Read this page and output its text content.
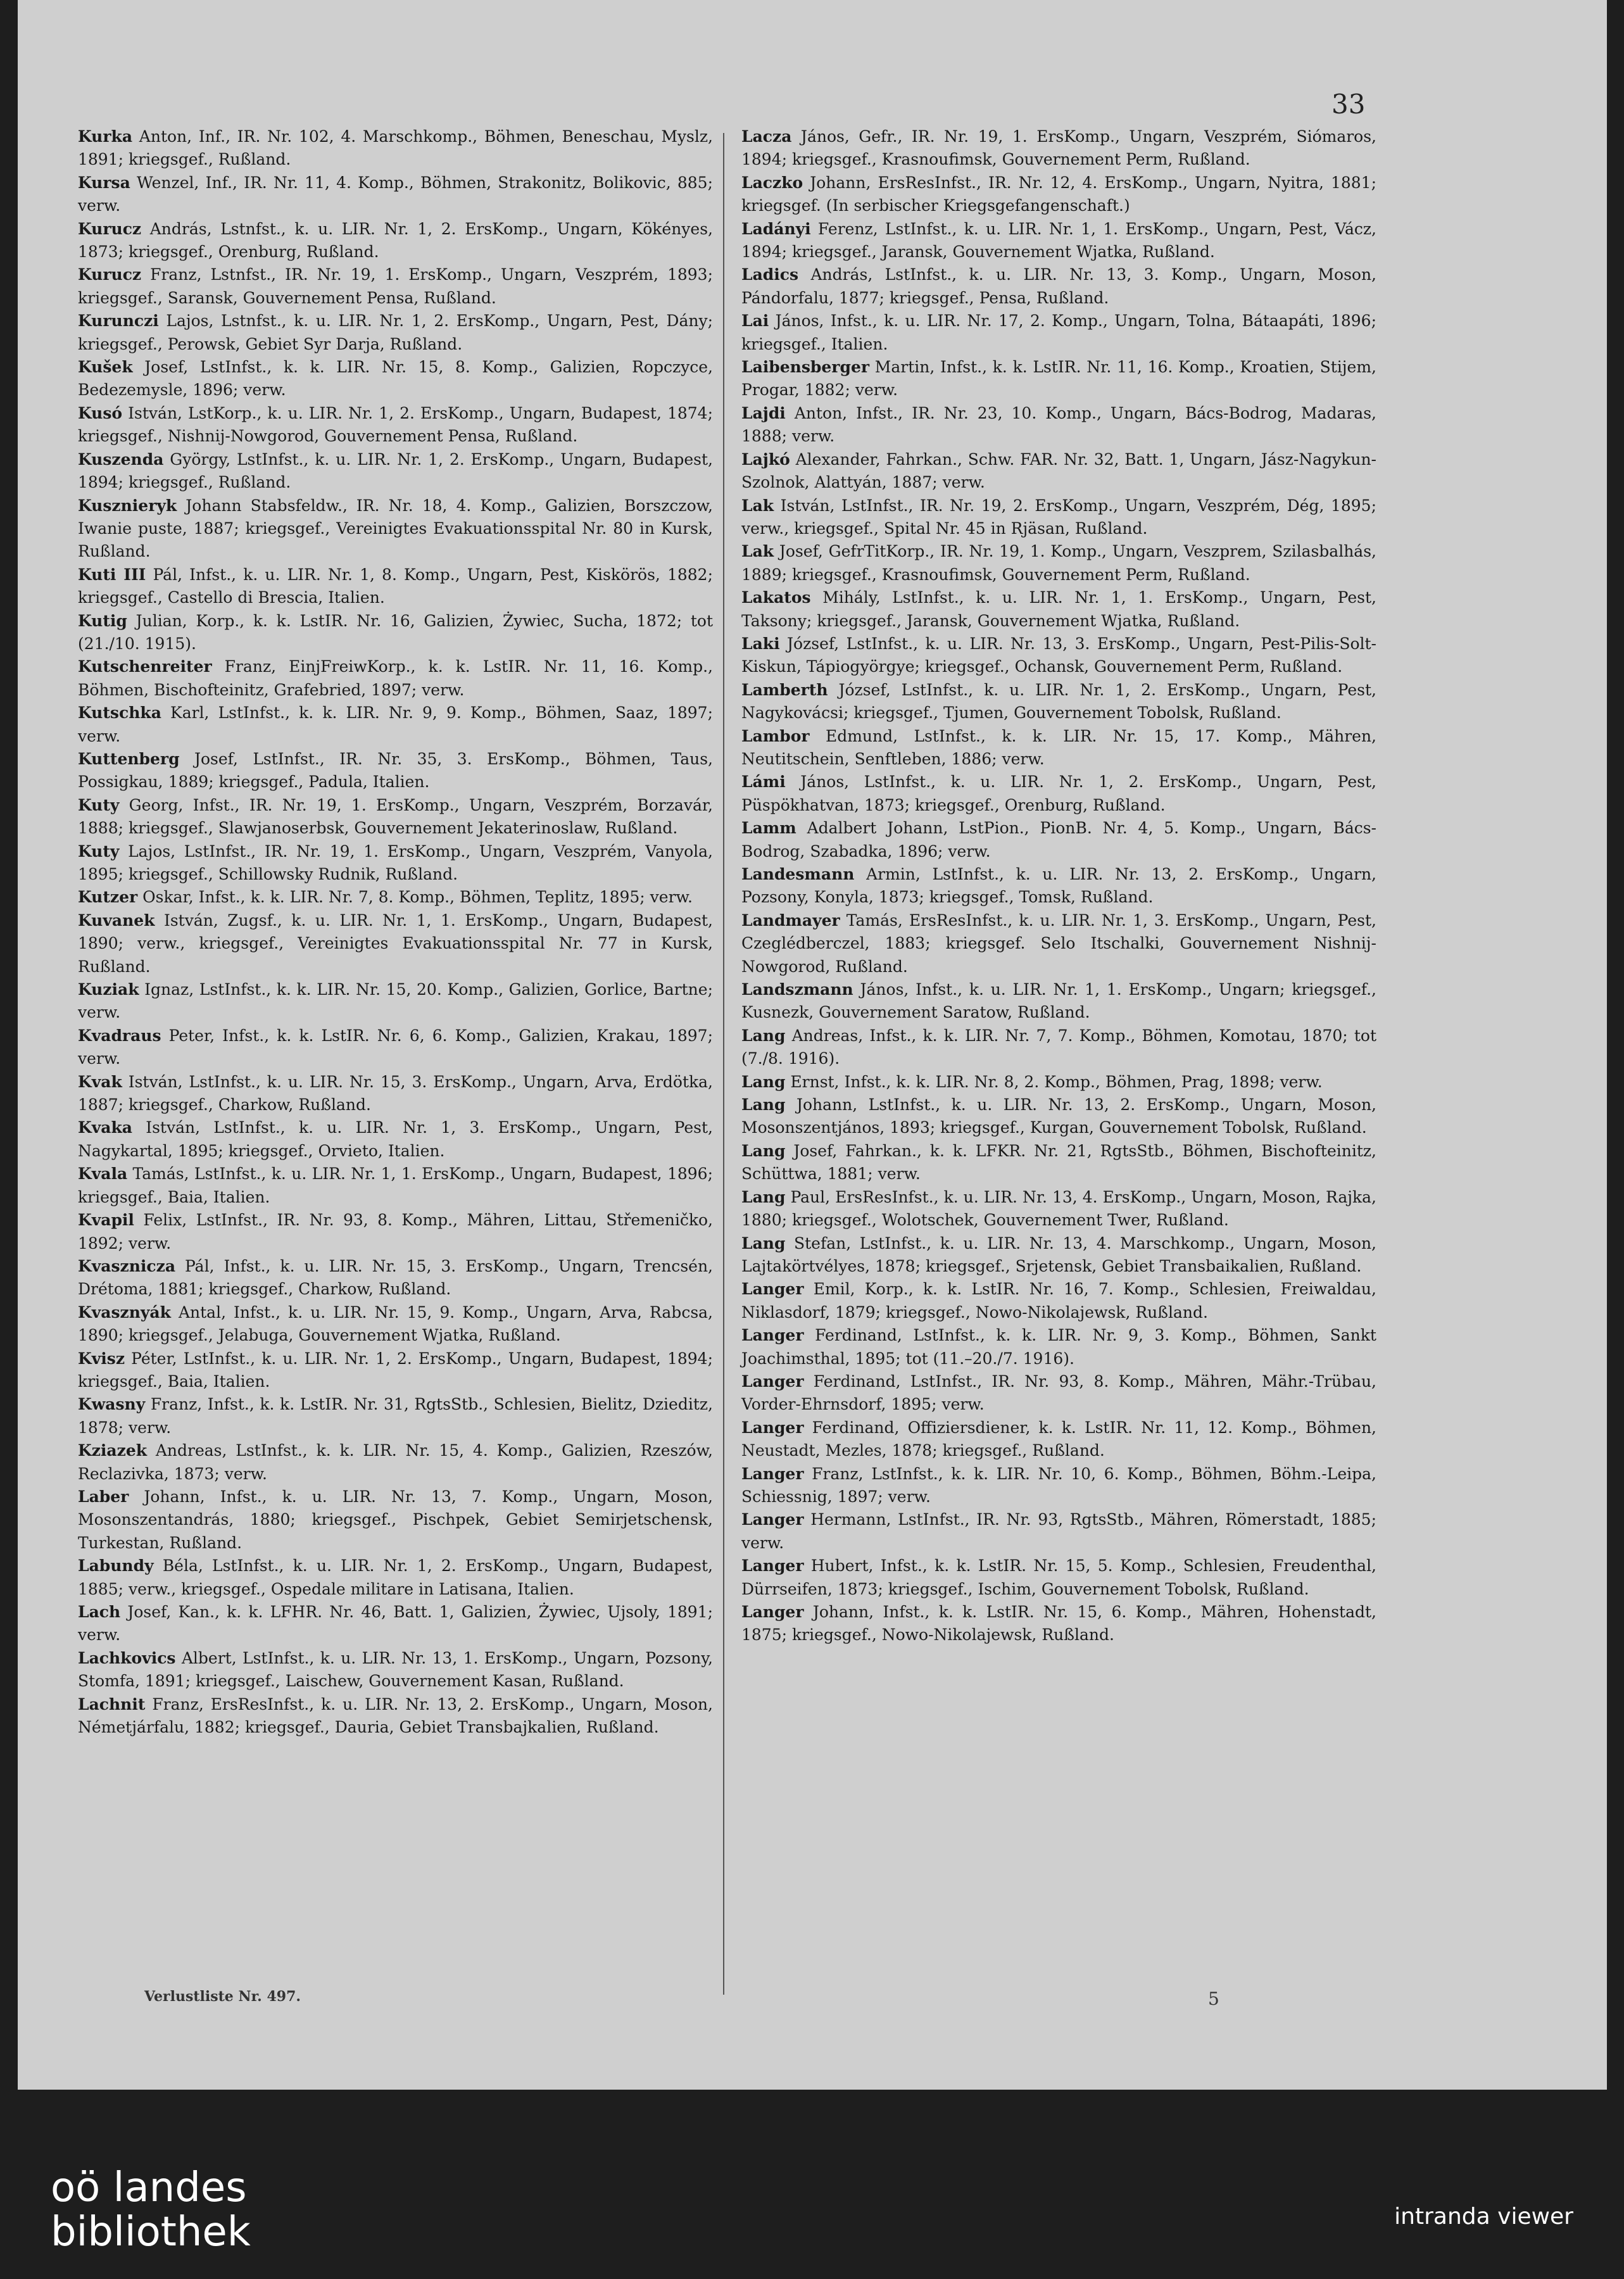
33
Kurka Anton, Inf., IR. Nr. 102, 4. Marschkomp., Böhmen, Beneschau, Myslz, 1891; kriegsgef., Rußland.
Kursa Wenzel, Inf., IR. Nr. 11, 4. Komp., Böhmen, Strakonitz, Bolikovic, 885; verw.
Kurucz András, Lstnfst., k. u. LIR. Nr. 1, 2. ErsKomp., Ungarn, Kökényes, 1873; kriegsgef., Orenburg, Rußland.
Kurucz Franz, Lstnfst., IR. Nr. 19, 1. ErsKomp., Ungarn, Veszprém, 1893; kriegsgef., Saransk, Gouvernement Pensa, Rußland.
Kurunczi Lajos, Lstnfst., k. u. LIR. Nr. 1, 2. ErsKomp., Ungarn, Pest, Dány; kriegsgef., Perowsk, Gebiet Syr Darja, Rußland.
Kušek Josef, LstInfst., k. k. LIR. Nr. 15, 8. Komp., Galizien, Ropczyce, Bedezemysle, 1896; verw.
Kusó István, LstKorp., k. u. LIR. Nr. 1, 2. ErsKomp., Ungarn, Budapest, 1874; kriegsgef., Nishnij-Nowgorod, Gouvernement Pensa, Rußland.
Kuszenda György, LstInfst., k. u. LIR. Nr. 1, 2. ErsKomp., Ungarn, Budapest, 1894; kriegsgef., Rußland.
Kusznieryk Johann Stabsfeldw., IR. Nr. 18, 4. Komp., Galizien, Borszczow, Iwanie puste, 1887; kriegsgef., Vereinigtes Evakuationsspital Nr. 80 in Kursk, Rußland.
Kuti III Pál, Infst., k. u. LIR. Nr. 1, 8. Komp., Ungarn, Pest, Kiskörös, 1882; kriegsgef., Castello di Brescia, Italien.
Kutig Julian, Korp., k. k. LstIR. Nr. 16, Galizien, Żywiec, Sucha, 1872; tot (21./10. 1915).
Kutschenreiter Franz, EinjFreiwKorp., k. k. LstIR. Nr. 11, 16. Komp., Böhmen, Bischofteinitz, Grafebried, 1897; verw.
Kutschka Karl, LstInfst., k. k. LIR. Nr. 9, 9. Komp., Böhmen, Saaz, 1897; verw.
Kuttenberg Josef, LstInfst., IR. Nr. 35, 3. ErsKomp., Böhmen, Taus, Possigkau, 1889; kriegsgef., Padula, Italien.
Kuty Georg, Infst., IR. Nr. 19, 1. ErsKomp., Ungarn, Veszprém, Borzavár, 1888; kriegsgef., Slawjanoserbsk, Gouvernement Jekaterinoslaw, Rußland.
Kuty Lajos, LstInfst., IR. Nr. 19, 1. ErsKomp., Ungarn, Veszprém, Vanyola, 1895; kriegsgef., Schillowsky Rudnik, Rußland.
Kutzer Oskar, Infst., k. k. LIR. Nr. 7, 8. Komp., Böhmen, Teplitz, 1895; verw.
Kuvanek István, Zugsf., k. u. LIR. Nr. 1, 1. ErsKomp., Ungarn, Budapest, 1890; verw., kriegsgef., Vereinigtes Evakuationsspital Nr. 77 in Kursk, Rußland.
Kuziak Ignaz, LstInfst., k. k. LIR. Nr. 15, 20. Komp., Galizien, Gorlice, Bartne; verw.
Kvadraus Peter, Infst., k. k. LstIR. Nr. 6, 6. Komp., Galizien, Krakau, 1897; verw.
Kvak István, LstInfst., k. u. LIR. Nr. 15, 3. ErsKomp., Ungarn, Arva, Erdötka, 1887; kriegsgef., Charkow, Rußland.
Kvaka István, LstInfst., k. u. LIR. Nr. 1, 3. ErsKomp., Ungarn, Pest, Nagykartal, 1895; kriegsgef., Orvieto, Italien.
Kvala Tamás, LstInfst., k. u. LIR. Nr. 1, 1. ErsKomp., Ungarn, Budapest, 1896; kriegsgef., Baia, Italien.
Kvapil Felix, LstInfst., IR. Nr. 93, 8. Komp., Mähren, Littau, Střemeničko, 1892; verw.
Kvasznicza Pál, Infst., k. u. LIR. Nr. 15, 3. ErsKomp., Ungarn, Trencsén, Drétoma, 1881; kriegsgef., Charkow, Rußland.
Kvasznyák Antal, Infst., k. u. LIR. Nr. 15, 9. Komp., Ungarn, Arva, Rabcsa, 1890; kriegsgef., Jelabuga, Gouvernement Wjatka, Rußland.
Kvisz Péter, LstInfst., k. u. LIR. Nr. 1, 2. ErsKomp., Ungarn, Budapest, 1894; kriegsgef., Baia, Italien.
Kwasny Franz, Infst., k. k. LstIR. Nr. 31, RgtsStb., Schlesien, Bielitz, Dzieditz, 1878; verw.
Kziazek Andreas, LstInfst., k. k. LIR. Nr. 15, 4. Komp., Galizien, Rzeszów, Reclazivka, 1873; verw.
Laber Johann, Infst., k. u. LIR. Nr. 13, 7. Komp., Ungarn, Moson, Mosonszentandrás, 1880; kriegsgef., Pischpek, Gebiet Semirjetschensk, Turkestan, Rußland.
Labundy Béla, LstInfst., k. u. LIR. Nr. 1, 2. ErsKomp., Ungarn, Budapest, 1885; verw., kriegsgef., Ospedale militare in Latisana, Italien.
Lach Josef, Kan., k. k. LFHR. Nr. 46, Batt. 1, Galizien, Żywiec, Ujsoly, 1891; verw.
Lachkovics Albert, LstInfst., k. u. LIR. Nr. 13, 1. ErsKomp., Ungarn, Pozsony, Stomfa, 1891; kriegsgef., Laischew, Gouvernement Kasan, Rußland.
Lachnit Franz, ErsResInfst., k. u. LIR. Nr. 13, 2. ErsKomp., Ungarn, Moson, Németjárfalu, 1882; kriegsgef., Dauria, Gebiet Transbajkalien, Rußland.
Lacza János, Gefr., IR. Nr. 19, 1. ErsKomp., Ungarn, Veszprém, Siómaros, 1894; kriegsgef., Krasnoufimsk, Gouvernement Perm, Rußland.
Laczko Johann, ErsResInfst., IR. Nr. 12, 4. ErsKomp., Ungarn, Nyitra, 1881; kriegsgef. (In serbischer Kriegsgefangenschaft.)
Ladányi Ferenz, LstInfst., k. u. LIR. Nr. 1, 1. ErsKomp., Ungarn, Pest, Vácz, 1894; kriegsgef., Jaransk, Gouvernement Wjatka, Rußland.
Ladics András, LstInfst., k. u. LIR. Nr. 13, 3. Komp., Ungarn, Moson, Pándorfalu, 1877; kriegsgef., Pensa, Rußland.
Lai János, Infst., k. u. LIR. Nr. 17, 2. Komp., Ungarn, Tolna, Bátaapáti, 1896; kriegsgef., Italien.
Laibensberger Martin, Infst., k. k. LstIR. Nr. 11, 16. Komp., Kroatien, Stijem, Progar, 1882; verw.
Lajdi Anton, Infst., IR. Nr. 23, 10. Komp., Ungarn, Bács-Bodrog, Madaras, 1888; verw.
Lajkó Alexander, Fahrkan., Schw. FAR. Nr. 32, Batt. 1, Ungarn, Jász-Nagykun-Szolnok, Alattyán, 1887; verw.
Lak István, LstInfst., IR. Nr. 19, 2. ErsKomp., Ungarn, Veszprém, Dég, 1895; verw., kriegsgef., Spital Nr. 45 in Rjäsan, Rußland.
Lak Josef, GefrTitKorp., IR. Nr. 19, 1. Komp., Ungarn, Veszprem, Szilasbalhás, 1889; kriegsgef., Krasnoufimsk, Gouvernement Perm, Rußland.
Lakatos Mihály, LstInfst., k. u. LIR. Nr. 1, 1. ErsKomp., Ungarn, Pest, Taksony; kriegsgef., Jaransk, Gouvernement Wjatka, Rußland.
Laki József, LstInfst., k. u. LIR. Nr. 13, 3. ErsKomp., Ungarn, Pest-Pilis-Solt-Kiskun, Tápiogyörgye; kriegsgef., Ochansk, Gouvernement Perm, Rußland.
Lamberth József, LstInfst., k. u. LIR. Nr. 1, 2. ErsKomp., Ungarn, Pest, Nagykovácsi; kriegsgef., Tjumen, Gouvernement Tobolsk, Rußland.
Lambor Edmund, LstInfst., k. k. LIR. Nr. 15, 17. Komp., Mähren, Neutitschein, Senftleben, 1886; verw.
Lámi János, LstInfst., k. u. LIR. Nr. 1, 2. ErsKomp., Ungarn, Pest, Püspökhatvan, 1873; kriegsgef., Orenburg, Rußland.
Lamm Adalbert Johann, LstPion., PionB. Nr. 4, 5. Komp., Ungarn, Bács-Bodrog, Szabadka, 1896; verw.
Landesmann Armin, LstInfst., k. u. LIR. Nr. 13, 2. ErsKomp., Ungarn, Pozsony, Konyla, 1873; kriegsgef., Tomsk, Rußland.
Landmayer Tamás, ErsResInfst., k. u. LIR. Nr. 1, 3. ErsKomp., Ungarn, Pest, Czeglédberczel, 1883; kriegsgef. Selo Itschalki, Gouvernement Nishnij-Nowgorod, Rußland.
Landszmann János, Infst., k. u. LIR. Nr. 1, 1. ErsKomp., Ungarn; kriegsgef., Kusnezk, Gouvernement Saratow, Rußland.
Lang Andreas, Infst., k. k. LIR. Nr. 7, 7. Komp., Böhmen, Komotau, 1870; tot (7./8. 1916).
Lang Ernst, Infst., k. k. LIR. Nr. 8, 2. Komp., Böhmen, Prag, 1898; verw.
Lang Johann, LstInfst., k. u. LIR. Nr. 13, 2. ErsKomp., Ungarn, Moson, Mosonszentjános, 1893; kriegsgef., Kurgan, Gouvernement Tobolsk, Rußland.
Lang Josef, Fahrkan., k. k. LFKR. Nr. 21, RgtsStb., Böhmen, Bischofteinitz, Schüttwa, 1881; verw.
Lang Paul, ErsResInfst., k. u. LIR. Nr. 13, 4. ErsKomp., Ungarn, Moson, Rajka, 1880; kriegsgef., Wolotschek, Gouvernement Twer, Rußland.
Lang Stefan, LstInfst., k. u. LIR. Nr. 13, 4. Marschkomp., Ungarn, Moson, Lajtakörtvélyes, 1878; kriegsgef., Srjetensk, Gebiet Transbaikalien, Rußland.
Langer Emil, Korp., k. k. LstIR. Nr. 16, 7. Komp., Schlesien, Freiwaldau, Niklasdorf, 1879; kriegsgef., Nowo-Nikolajewsk, Rußland.
Langer Ferdinand, LstInfst., k. k. LIR. Nr. 9, 3. Komp., Böhmen, Sankt Joachimsthal, 1895; tot (11.–20./7. 1916).
Langer Ferdinand, LstInfst., IR. Nr. 93, 8. Komp., Mähren, Mähr.-Trübau, Vorder-Ehrnsdorf, 1895; verw.
Langer Ferdinand, Offiziersdiener, k. k. LstIR. Nr. 11, 12. Komp., Böhmen, Neustadt, Mezles, 1878; kriegsgef., Rußland.
Langer Franz, LstInfst., k. k. LIR. Nr. 10, 6. Komp., Böhmen, Böhm.-Leipa, Schiessnig, 1897; verw.
Langer Hermann, LstInfst., IR. Nr. 93, RgtsStb., Mähren, Römerstadt, 1885; verw.
Langer Hubert, Infst., k. k. LstIR. Nr. 15, 5. Komp., Schlesien, Freudenthal, Dürrseifen, 1873; kriegsgef., Ischim, Gouvernement Tobolsk, Rußland.
Langer Johann, Infst., k. k. LstIR. Nr. 15, 6. Komp., Mähren, Hohenstadt, 1875; kriegsgef., Nowo-Nikolajewsk, Rußland.
Verlustliste Nr. 497.	5
oö landes
bibliothek	intranda viewer
